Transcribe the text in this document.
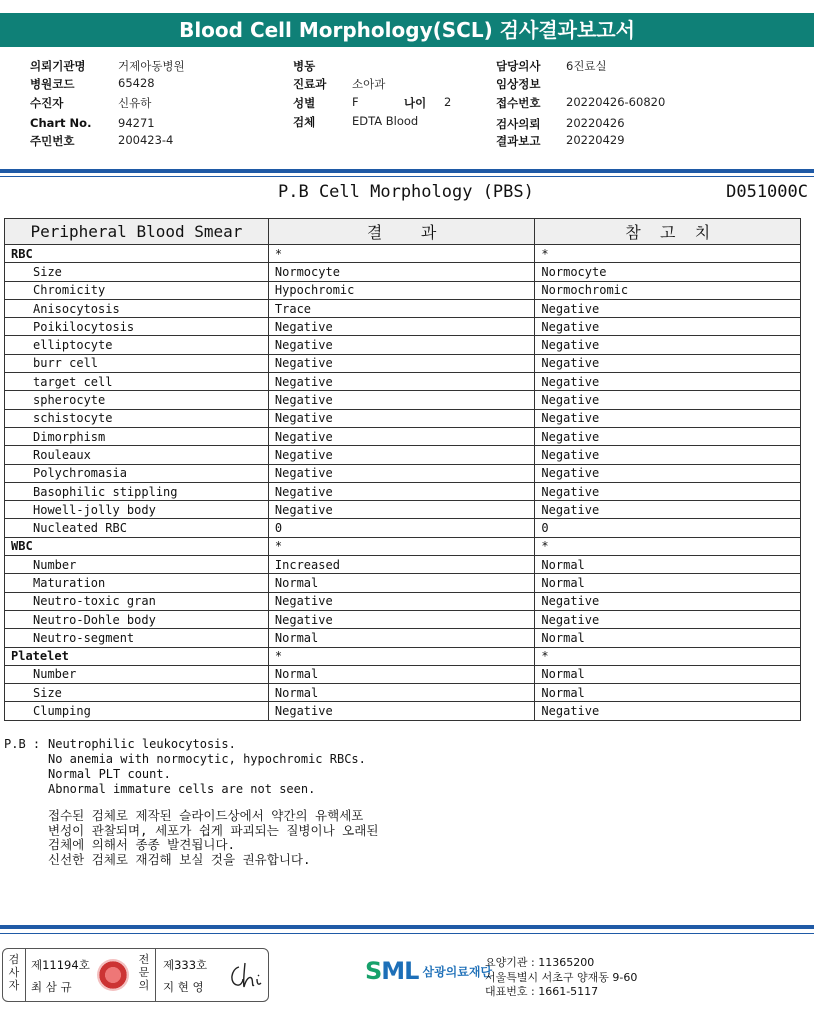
Blood Cell Morphology(SCL) 검사결과보고서
의뢰기관명	거제아동병원
병원코드	65428
수진자	신유하
Chart No. 94271
주민번호	200423-4
병동
진료과 소아과
성별	F	나이 2
검체	EDTA Blood
담당의사 6진료실
임상정보
접수번호 20220426-60820
검사의뢰 20220426
결과보고 20220429
P.B Cell Morphology (PBS)	D051000C
Peripheral Blood Smear	결    과	참  고  치
RBC	*	*
Size	Normocyte	Normocyte
Chromicity	Hypochromic	Normochromic
Anisocytosis	Trace	Negative
Poikilocytosis	Negative	Negative
elliptocyte	Negative	Negative
burr cell	Negative	Negative
target cell	Negative	Negative
spherocyte	Negative	Negative
schistocyte	Negative	Negative
Dimorphism	Negative	Negative
Rouleaux	Negative	Negative
Polychromasia	Negative	Negative
Basophilic stippling	Negative	Negative
Howell-jolly body	Negative	Negative
Nucleated RBC	0	0
WBC	*	*
Number	Increased	Normal
Maturation	Normal	Normal
Neutro-toxic gran	Negative	Negative
Neutro-Dohle body	Negative	Negative
Neutro-segment	Normal	Normal
Platelet	*	*
Number	Normal	Normal
Size	Normal	Normal
Clumping	Negative	Negative
P.B : Neutrophilic leukocytosis.
No anemia with normocytic, hypochromic RBCs.
Normal PLT count.
Abnormal immature cells are not seen.
접수된 검체로 제작된 슬라이드상에서 약간의 유핵세포
변성이 관찰되며, 세포가 쉽게 파괴되는 질병이나 오래된
검체에 의해서 종종 발견됩니다.
신선한 검체로 재검해 보실 것을 권유합니다.
검
사
자
제11194호
최 삼 규
전
문
의
제333호
지 현 영
SML 삼광의료재단
요양기관 : 11365200
서울특별시 서초구 양재동 9-60
대표번호 : 1661-5117
